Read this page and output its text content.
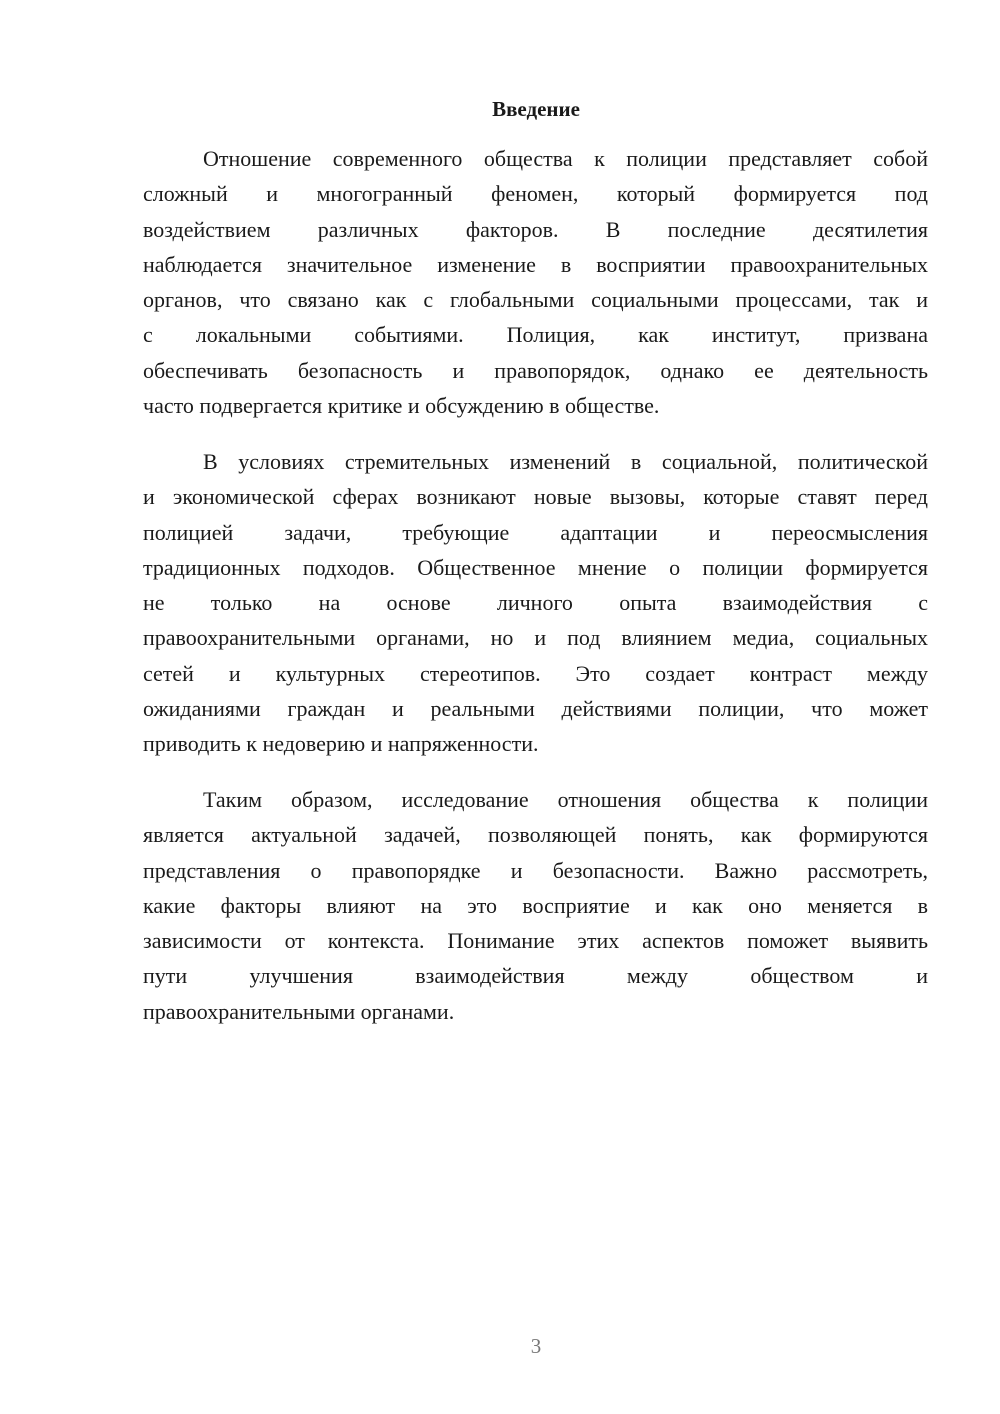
Введение
Отношение современного общества к полиции представляет собой
сложный и многогранный феномен, который формируется под
воздействием различных факторов. В последние десятилетия
наблюдается значительное изменение в восприятии правоохранительных
органов, что связано как с глобальными социальными процессами, так и
с локальными событиями. Полиция, как институт, призвана
обеспечивать безопасность и правопорядок, однако ее деятельность
часто подвергается критике и обсуждению в обществе.
В условиях стремительных изменений в социальной, политической
и экономической сферах возникают новые вызовы, которые ставят перед
полицией задачи, требующие адаптации и переосмысления
традиционных подходов. Общественное мнение о полиции формируется
не только на основе личного опыта взаимодействия с
правоохранительными органами, но и под влиянием медиа, социальных
сетей и культурных стереотипов. Это создает контраст между
ожиданиями граждан и реальными действиями полиции, что может
приводить к недоверию и напряженности.
Таким образом, исследование отношения общества к полиции
является актуальной задачей, позволяющей понять, как формируются
представления о правопорядке и безопасности. Важно рассмотреть,
какие факторы влияют на это восприятие и как оно меняется в
зависимости от контекста. Понимание этих аспектов поможет выявить
пути улучшения взаимодействия между обществом и
правоохранительными органами.
3
